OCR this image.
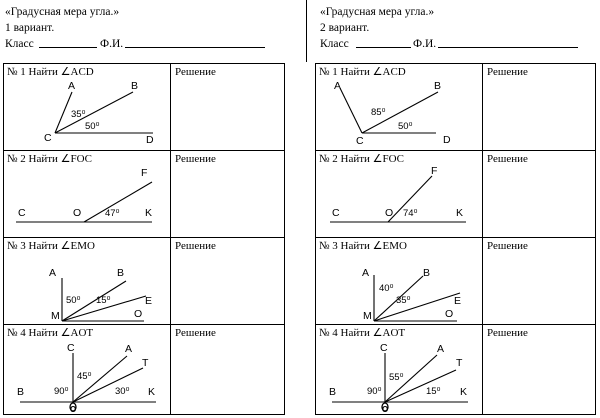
«Градусная мера угла.»
1 вариант.
Класс	Ф.И.
«Градусная мера угла.»
2 вариант.
Класс	Ф.И.
№ 1 Найти ∠ACD	Решение
№ 2 Найти ∠FOC	Решение
№ 3 Найти ∠EMO	Решение
№ 4 Найти ∠AOT	Решение
№ 1 Найти ∠ACD	Решение
№ 2 Найти ∠FOC	Решение
№ 3 Найти ∠EMO	Решение
№ 4 Найти ∠AOT	Решение
A	B
C	D
35⁰
50⁰
F
C	O	K
47⁰
A	B
E
M	O
50⁰ 15⁰
C	A
T
B	K
O
45⁰
90⁰	30⁰
A	B
C	D
85⁰
50⁰
F
C	O	K
74⁰
A	B
E
M	O
40⁰
35⁰
C	A
T
B	K
O
55⁰
90⁰	15⁰
